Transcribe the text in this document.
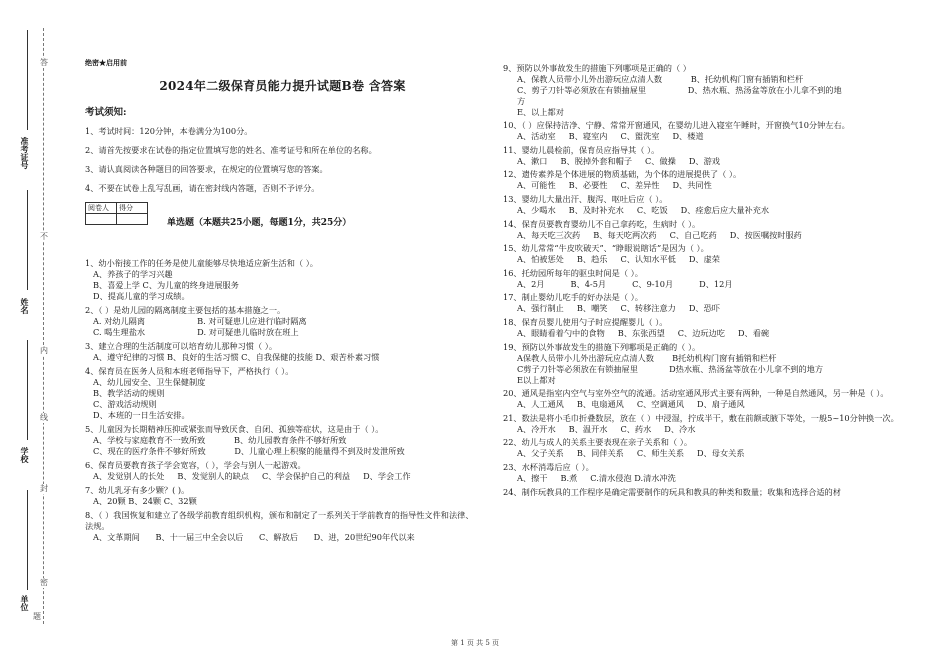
答
不
内
线
封
密
准考证号
姓名
学校
单位
题
绝密★启用前
2024年二级保育员能力提升试题B卷 含答案
考试须知:
1、考试时间：120分钟，本卷满分为100分。
2、请首先按要求在试卷的指定位置填写您的姓名、准考证号和所在单位的名称。
3、请认真阅读各种题目的回答要求，在规定的位置填写您的答案。
4、不要在试卷上乱写乱画，请在密封线内答题，否则不予评分。
阅卷人	得分

单选题（本题共25小题，每题1分，共25分）
1、幼小衔接工作的任务是使儿童能够尽快地适应新生活和（ ）。
A、养孩子的学习兴趣
B、喜爱上学 C、为儿童的终身进展服务
D、提高儿童的学习成绩。
2、（ ）是幼儿园的隔离制度主要包括的基本措施之一。
A. 对幼儿隔离                    B. 对可疑患儿应进行临时隔离
C. 喝生理盐水                    D. 对可疑患儿临时放在班上
3、建立合理的生活制度可以培育幼儿那种习惯（ ）。
A、遵守纪律的习惯 B、良好的生活习惯 C、自我保健的技能 D、艰苦朴素习惯
4、保育员在医务人员和本班老师指导下，严格执行（ ）。
A、幼儿园安全、卫生保健制度
B、教学活动的规则
C、游戏活动规则
D、本班的一日生活安排。
5、儿童因为长期精神压抑或紧张而导致厌食、自闭、孤独等症状，这是由于（ ）。
A、学校与家庭教育不一致所致           B、幼儿园教育条件不够好所致
C、现在的医疗条件不够好所致           D、儿童心理上积聚的能量得不到及时发泄所致
6、保育员要教育孩子学会宽容，（ ），学会与别人一起游戏。
A、发觉别人的长处     B、发觉别人的缺点     C、学会保护自己的利益     D、学会工作
7、幼儿乳牙有多少颗？( )。
A、20颗 B、24颗 C、32颗
8、（ ）我国恢复和建立了各级学前教育组织机构，颁布和制定了一系列关于学前教育的指导性文件和法律、法规。
A、文革期间      B、十一届三中全会以后      C、解放后      D、进，20世纪90年代以来
9、预防以外事故发生的措施下列哪项是正确的（ ）
A、保教人员带小儿外出游玩应点清人数           B、托幼机构门窗有插销和栏杆
C、剪子刀针等必须放在有锁抽屉里                D、热水瓶、热汤盆等放在小儿拿不到的地
方
E、以上都对
10、（ ）应保持洁净、宁静、常常开窗通风，在婴幼儿进入寝室午睡时，开窗换气10分钟左右。
A、活动室     B、寝室内     C、盥洗室     D、楼道
11、婴幼儿晨检前，保育员应指导其（ ）。
A、漱口     B、脱掉外套和帽子     C、做操     D、游戏
12、遗传素养是个体进展的物质基础，为个体的进展提供了（ ）。
A、可能性     B、必要性     C、差异性     D、共同性
13、婴幼儿大量出汗、腹泻、呕吐后应（ ）。
A、少喝水     B、及时补充水     C、吃饭     D、痊愈后应大量补充水
14、保育员要教育婴幼儿不自己拿药吃，生病时（ ）。
A、每天吃三次药     B、每天吃两次药     C、自己吃药     D、按医嘱按时服药
15、幼儿常常“牛皮吹破天”、“睁眼说瞎话”是因为（ ）。
A、怕被惩处     B、趋乐     C、认知水平低     D、虚荣
16、托幼园所每年的驱虫时间是（ ）。
A、2月          B、4-5月          C、9-10月          D、12月
17、制止婴幼儿吃手的好办法是（ ）。
A、强行制止     B、嘲笑     C、转移注意力     D、恐吓
18、保育员婴儿使用勺子时应提醒婴儿（ ）。
A、眼睛看着勺中的食物     B、东张西望     C、边玩边吃     D、看碗
19、预防以外事故发生的措施下列哪项是正确的（ ）。
A保教人员带小儿外出游玩应点清人数       B托幼机构门窗有插销和栏杆
C剪子刀针等必须放在有锁抽屉里            D热水瓶、热汤盆等放在小儿拿不到的地方
E以上都对
20、通风是指室内空气与室外空气的流通。活动室通风形式主要有两种，一种是自然通风，另一种是（ ）。
A、人工通风     B、电扇通风     C、空调通风     D、扇子通风
21、数法是将小毛巾折叠数层，放在（ ）中浸湿，拧成半干，敷在前额或腋下等处，一般5~10分钟换一次。
A、冷开水     B、温开水     C、药水     D、冷水
22、幼儿与成人的关系主要表现在亲子关系和（ ）。
A、父子关系     B、同伴关系     C、师生关系     D、母女关系
23、水杯消毒后应（ ）。
A、擦干     B.煮     C.清水侵泡 D.清水冲洗
24、制作玩教具的工作程序是确定需要制作的玩具和教具的种类和数量；收集和选择合适的材
第 1 页 共 5 页
